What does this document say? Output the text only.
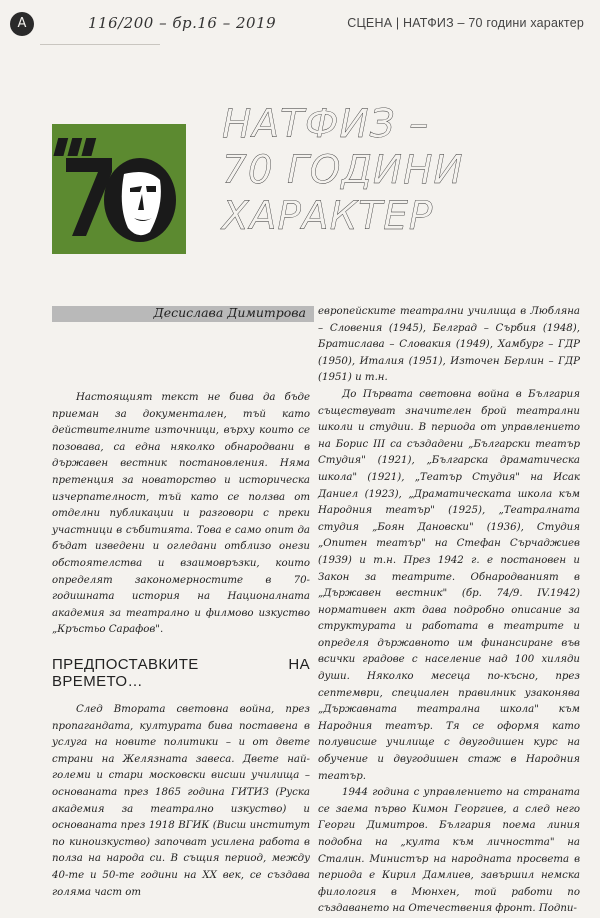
A	116/200 – бр.16 – 2019	СЦЕНА | НАТФИЗ – 70 години характер
НАТФИЗ –
70 ГОДИНИ
ХАРАКТЕР
Десислава Димитрова

Настоящият текст не бива да бъде приеман за документален, тъй като действителните източници, върху които се позовава, са една няколко обнародвани в държавен вестник постановления. Няма претенция за новаторство и историческа изчерпателност, тъй като се ползва от отделни публикации и разговори с преки участници в събитията. Това е само опит да бъдат изведени и огледани отблизо онези обстоятелства и взаимовръзки, които определят закономерностите в 70-годишната история на Националната академия за театрално и филмово изкуство „Кръстьо Сарафов".

ПРЕДПОСТАВКИТЕ НА ВРЕМЕТО…

След Втората световна война, през пропагандата, културата бива поставена в услуга на новите политики – и от двете страни на Желязната завеса. Двете най-големи и стари московски висши училища – основаната през 1865 година ГИТИЗ (Руска академия за театрално изкуство) и основаната през 1918 ВГИК (Висш институт по киноизкуство) започват усилена работа в полза на народа си. В същия период, между 40-те и 50-те години на XX век, се създава голяма част от

европейските театрални училища в Любляна – Словения (1945), Белград – Сърбия (1948), Братислава – Словакия (1949), Хамбург – ГДР (1950), Италия (1951), Източен Берлин – ГДР (1951) и т.н.

До Първата световна война в България съществуват значителен брой театрални школи и студии. В периода от управлението на Борис III са създадени „Български театър Студия" (1921), „Българска драматическа школа" (1921), „Театър Студия" на Исак Даниел (1923), „Драматическата школа към Народния театър" (1925), „Театралната студия „Боян Дановски" (1936), Студия „Опитен театър" на Стефан Сърчаджиев (1939) и т.н. През 1942 г. е постановен и Закон за театрите. Обнародваният в „Държавен вестник" (бр. 74/9. IV.1942) нормативен акт дава подробно описание за структурата и работата в театрите и определя държавното им финансиране във всички градове с население над 100 хиляди души. Няколко месеца по-късно, през септември, специален правилник узаконява „Държавната театрална школа" към Народния театър. Тя се оформя като полувисше училище с двугодишен курс на обучение и двугодишен стаж в Народния театър.

1944 година с управлението на страната се заема първо Кимон Георгиев, а след него Георги Димитров. България поема линия подобна на „култа към личността" на Сталин. Министър на народната просвета в периода е Кирил Дамлиев, завършил немска филология в Мюнхен, той работи по създаването на Отечествения фронт. Подпи-
